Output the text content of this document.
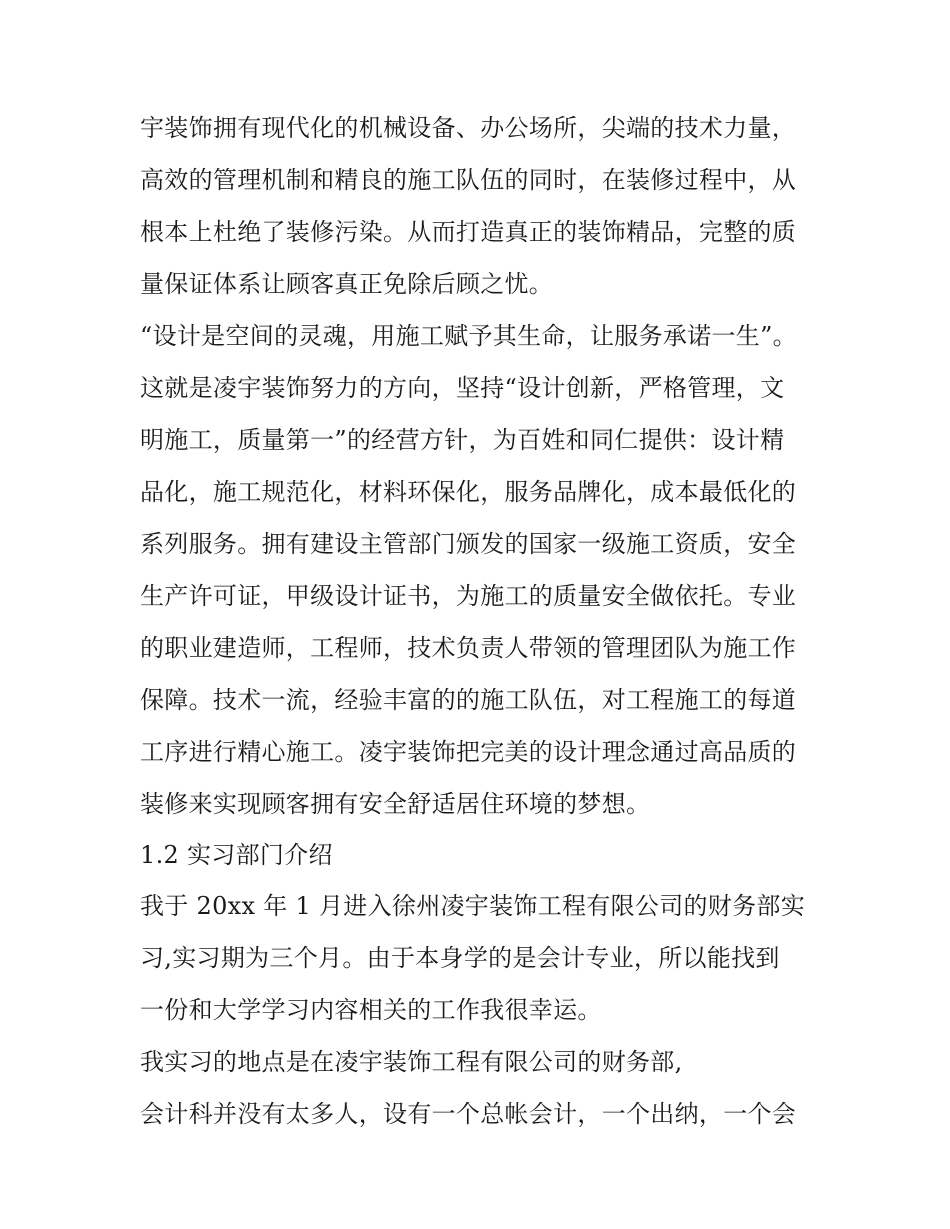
宇装饰拥有现代化的机械设备、办公场所，尖端的技术力量，
高效的管理机制和精良的施工队伍的同时，在装修过程中，从
根本上杜绝了装修污染。从而打造真正的装饰精品，完整的质
量保证体系让顾客真正免除后顾之忧。
“设计是空间的灵魂，用施工赋予其生命，让服务承诺一生”。
这就是凌宇装饰努力的方向，坚持“设计创新，严格管理，文
明施工，质量第一”的经营方针，为百姓和同仁提供：设计精
品化，施工规范化，材料环保化，服务品牌化，成本最低化的
系列服务。拥有建设主管部门颁发的国家一级施工资质，安全
生产许可证，甲级设计证书，为施工的质量安全做依托。专业
的职业建造师，工程师，技术负责人带领的管理团队为施工作
保障。技术一流，经验丰富的的施工队伍，对工程施工的每道
工序进行精心施工。凌宇装饰把完美的设计理念通过高品质的
装修来实现顾客拥有安全舒适居住环境的梦想。
1.2 实习部门介绍
我于 20xx 年 1 月进入徐州凌宇装饰工程有限公司的财务部实
习,实习期为三个月。由于本身学的是会计专业，所以能找到
一份和大学学习内容相关的工作我很幸运。
我实习的地点是在凌宇装饰工程有限公司的财务部,
会计科并没有太多人，设有一个总帐会计，一个出纳，一个会
